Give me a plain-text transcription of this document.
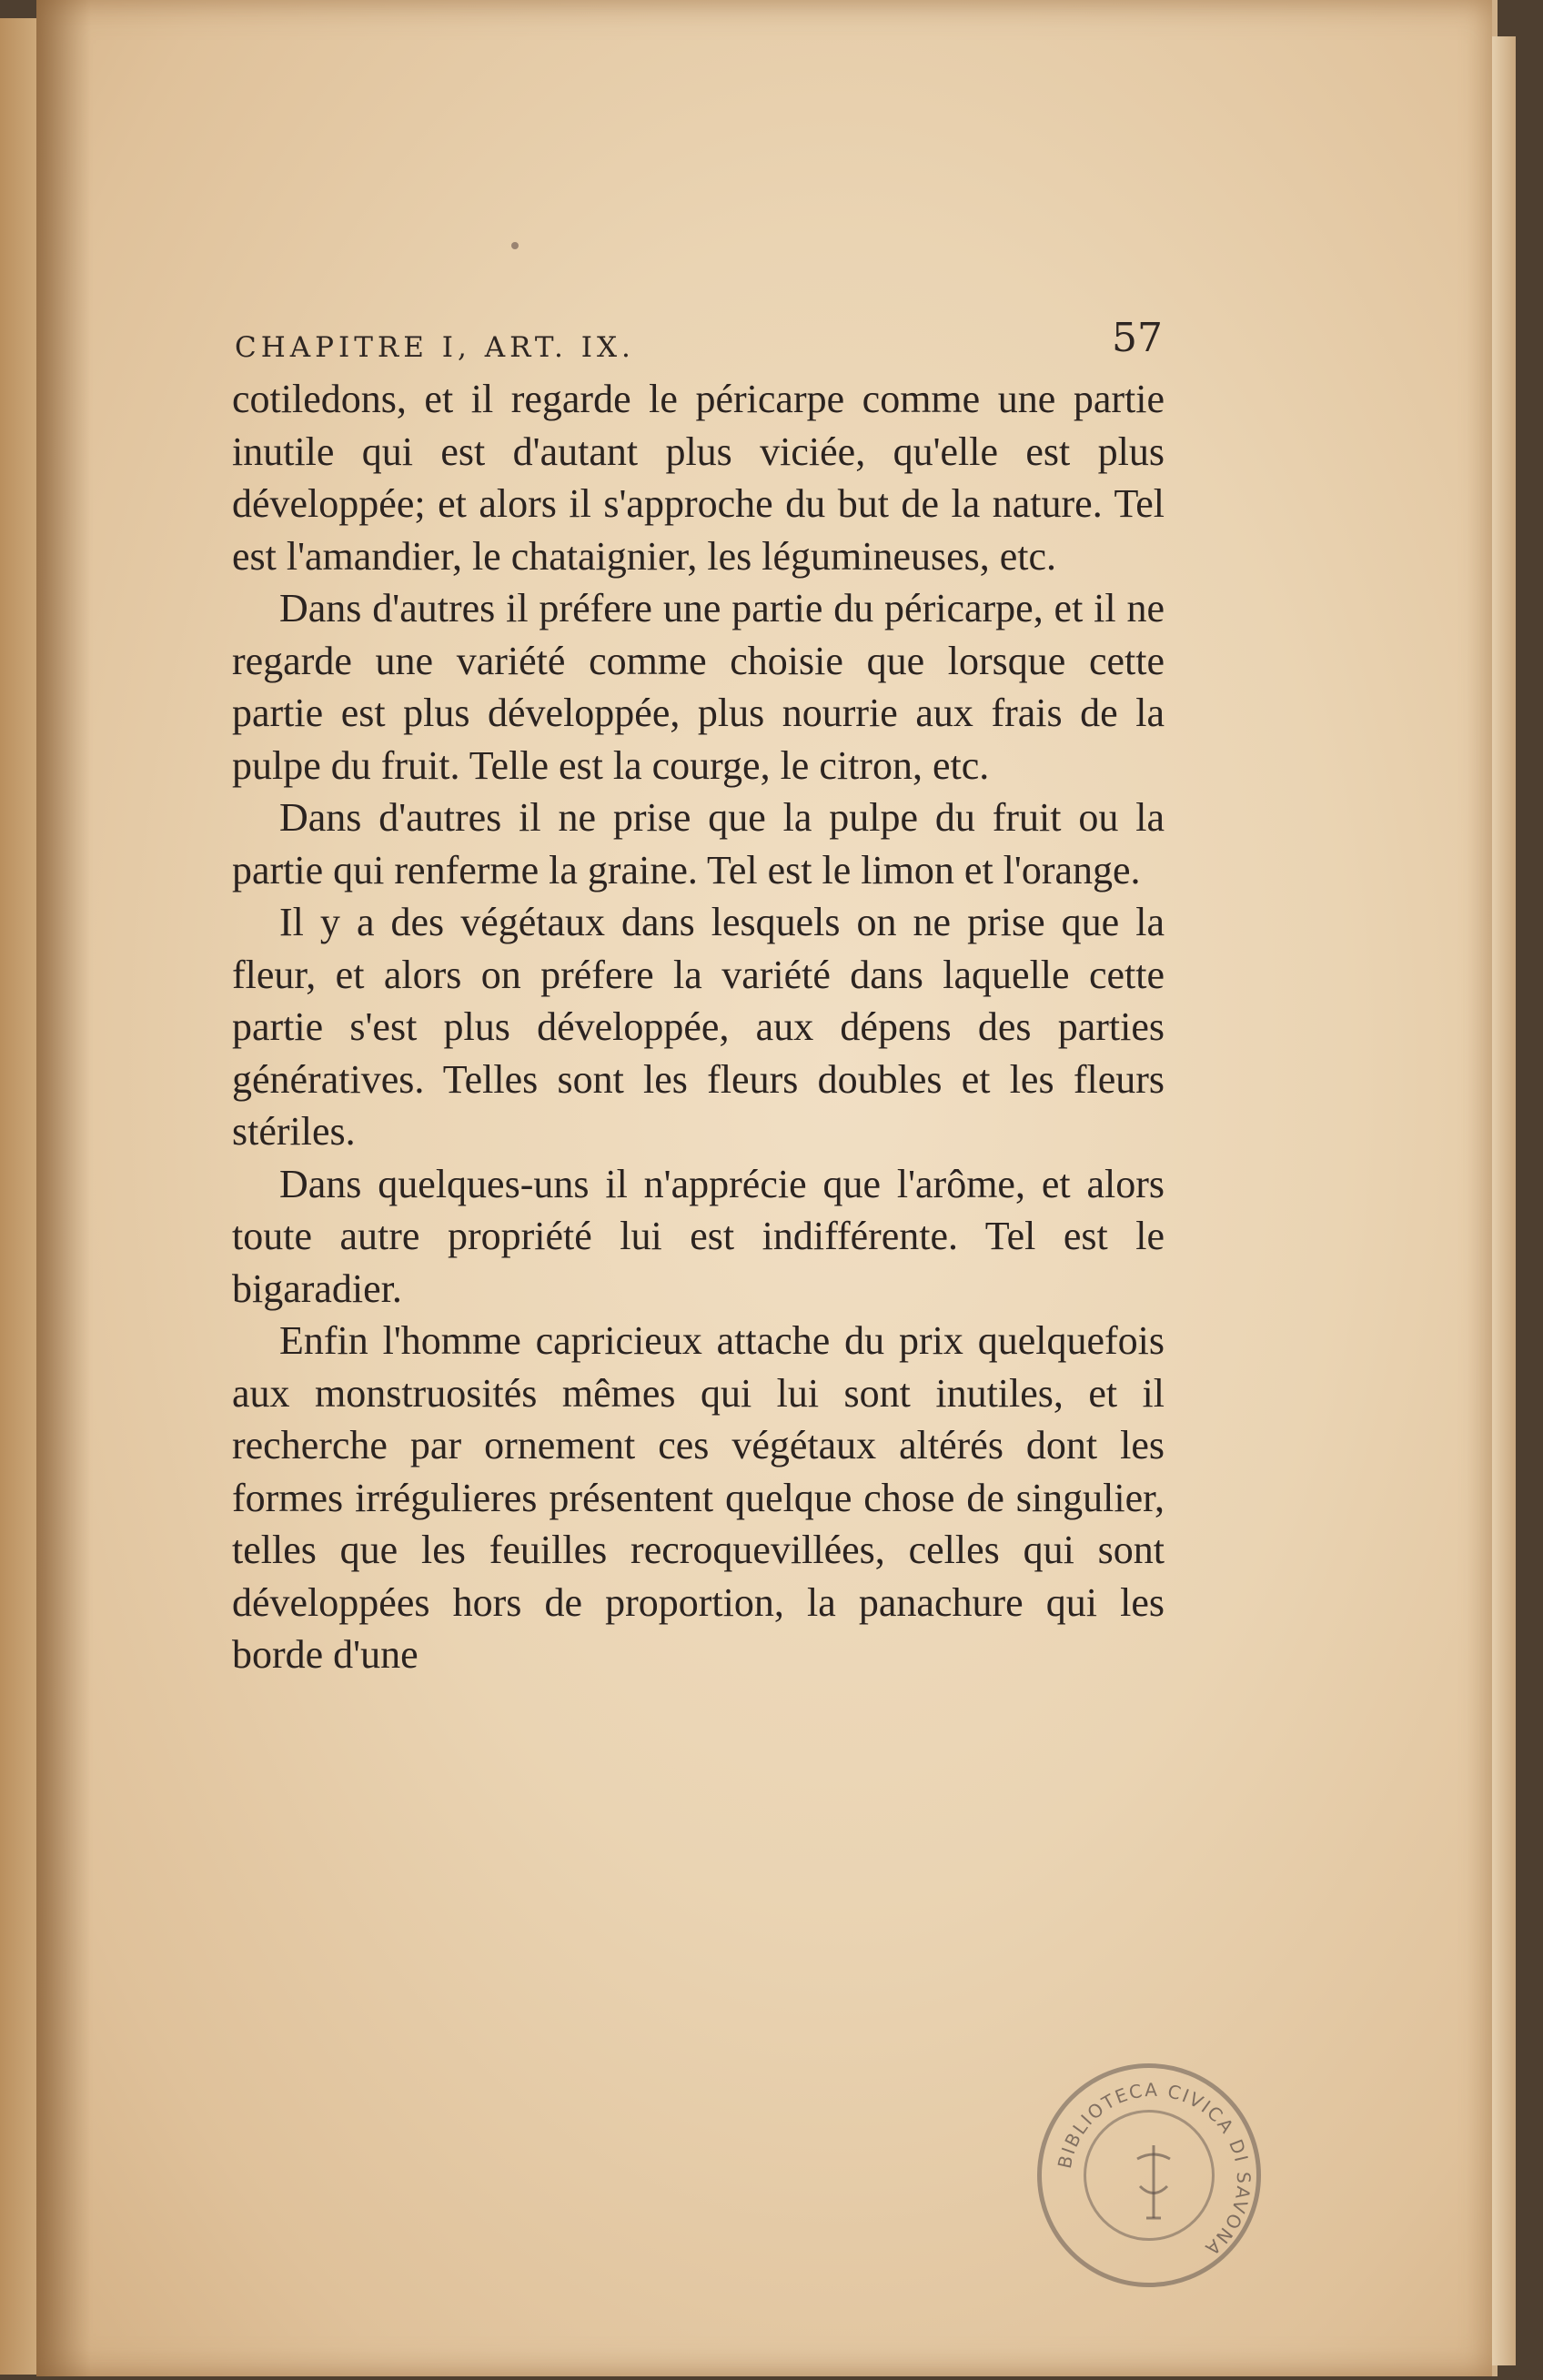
CHAPITRE I, ART. IX.	57

cotiledons, et il regarde le péricarpe comme une partie inutile qui est d'autant plus viciée, qu'elle est plus développée; et alors il s'approche du but de la nature. Tel est l'amandier, le chataignier, les légumineuses, etc.

Dans d'autres il préfere une partie du péricarpe, et il ne regarde une variété comme choisie que lorsque cette partie est plus développée, plus nourrie aux frais de la pulpe du fruit. Telle est la courge, le citron, etc.

Dans d'autres il ne prise que la pulpe du fruit ou la partie qui renferme la graine. Tel est le limon et l'orange.

Il y a des végétaux dans lesquels on ne prise que la fleur, et alors on préfere la variété dans laquelle cette partie s'est plus développée, aux dépens des parties génératives. Telles sont les fleurs doubles et les fleurs stériles.

Dans quelques-uns il n'apprécie que l'arôme, et alors toute autre propriété lui est indifférente. Tel est le bigaradier.

Enfin l'homme capricieux attache du prix quelquefois aux monstruosités mêmes qui lui sont inutiles, et il recherche par ornement ces végétaux altérés dont les formes irrégulieres présentent quelque chose de singulier, telles que les feuilles recroquevillées, celles qui sont développées hors de proportion, la panachure qui les borde d'une

BIBLIOTECA CIVICA DI SAVONA
